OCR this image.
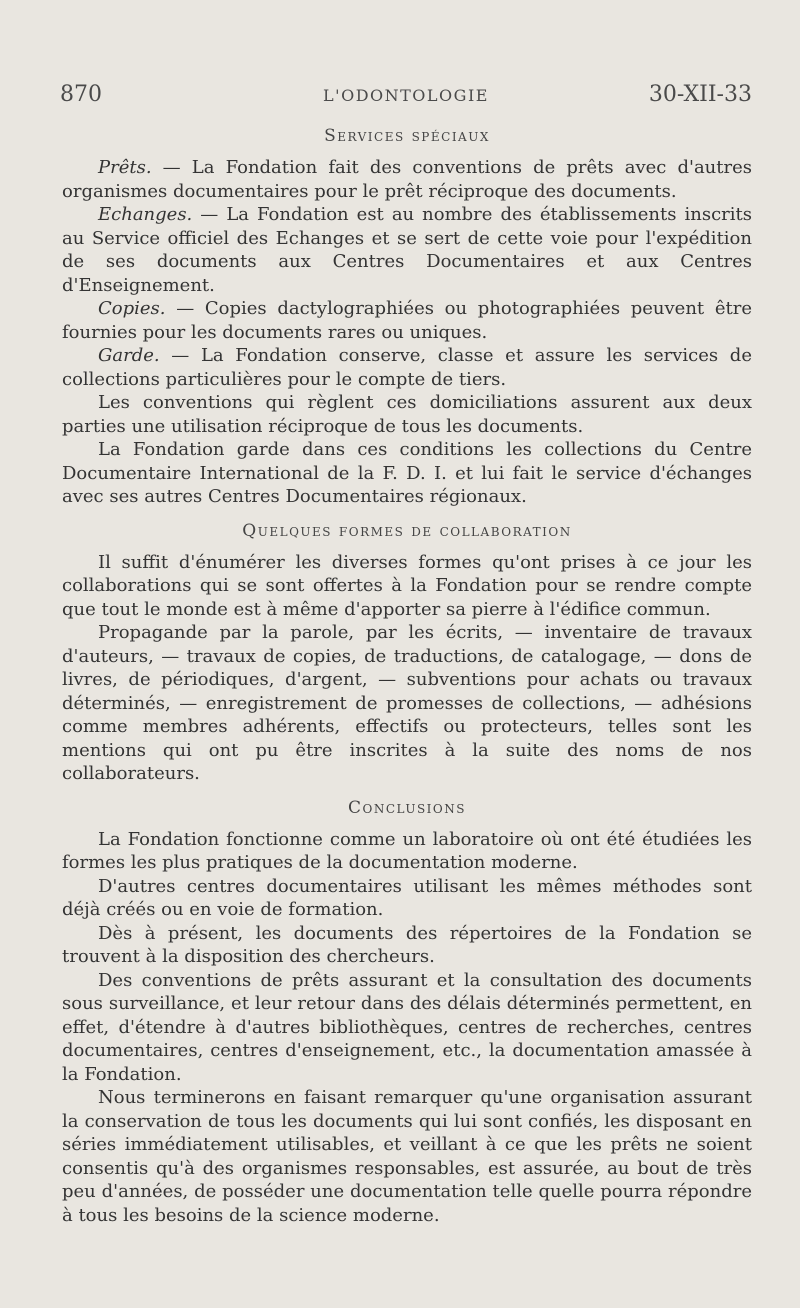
870	L'ODONTOLOGIE	30-XII-33
Services spéciaux

Prêts. — La Fondation fait des conventions de prêts avec d'autres organismes documentaires pour le prêt réciproque des documents.

Echanges. — La Fondation est au nombre des établissements inscrits au Service officiel des Echanges et se sert de cette voie pour l'expédition de ses documents aux Centres Documentaires et aux Centres d'Enseignement.

Copies. — Copies dactylographiées ou photographiées peuvent être fournies pour les documents rares ou uniques.

Garde. — La Fondation conserve, classe et assure les services de collections particulières pour le compte de tiers.

Les conventions qui règlent ces domiciliations assurent aux deux parties une utilisation réciproque de tous les documents.

La Fondation garde dans ces conditions les collections du Centre Documentaire International de la F. D. I. et lui fait le service d'échanges avec ses autres Centres Documentaires régionaux.

Quelques formes de collaboration

Il suffit d'énumérer les diverses formes qu'ont prises à ce jour les collaborations qui se sont offertes à la Fondation pour se rendre compte que tout le monde est à même d'apporter sa pierre à l'édifice commun.

Propagande par la parole, par les écrits, — inventaire de travaux d'auteurs, — travaux de copies, de traductions, de catalogage, — dons de livres, de périodiques, d'argent, — subventions pour achats ou travaux déterminés, — enregistrement de promesses de collections, — adhésions comme membres adhérents, effectifs ou protecteurs, telles sont les mentions qui ont pu être inscrites à la suite des noms de nos collaborateurs.

Conclusions

La Fondation fonctionne comme un laboratoire où ont été étudiées les formes les plus pratiques de la documentation moderne.

D'autres centres documentaires utilisant les mêmes méthodes sont déjà créés ou en voie de formation.

Dès à présent, les documents des répertoires de la Fondation se trouvent à la disposition des chercheurs.

Des conventions de prêts assurant et la consultation des documents sous surveillance, et leur retour dans des délais déterminés permettent, en effet, d'étendre à d'autres bibliothèques, centres de recherches, centres documentaires, centres d'enseignement, etc., la documentation amassée à la Fondation.

Nous terminerons en faisant remarquer qu'une organisation assurant la conservation de tous les documents qui lui sont confiés, les disposant en séries immédiatement utilisables, et veillant à ce que les prêts ne soient consentis qu'à des organismes responsables, est assurée, au bout de très peu d'années, de posséder une documentation telle quelle pourra répondre à tous les besoins de la science moderne.
